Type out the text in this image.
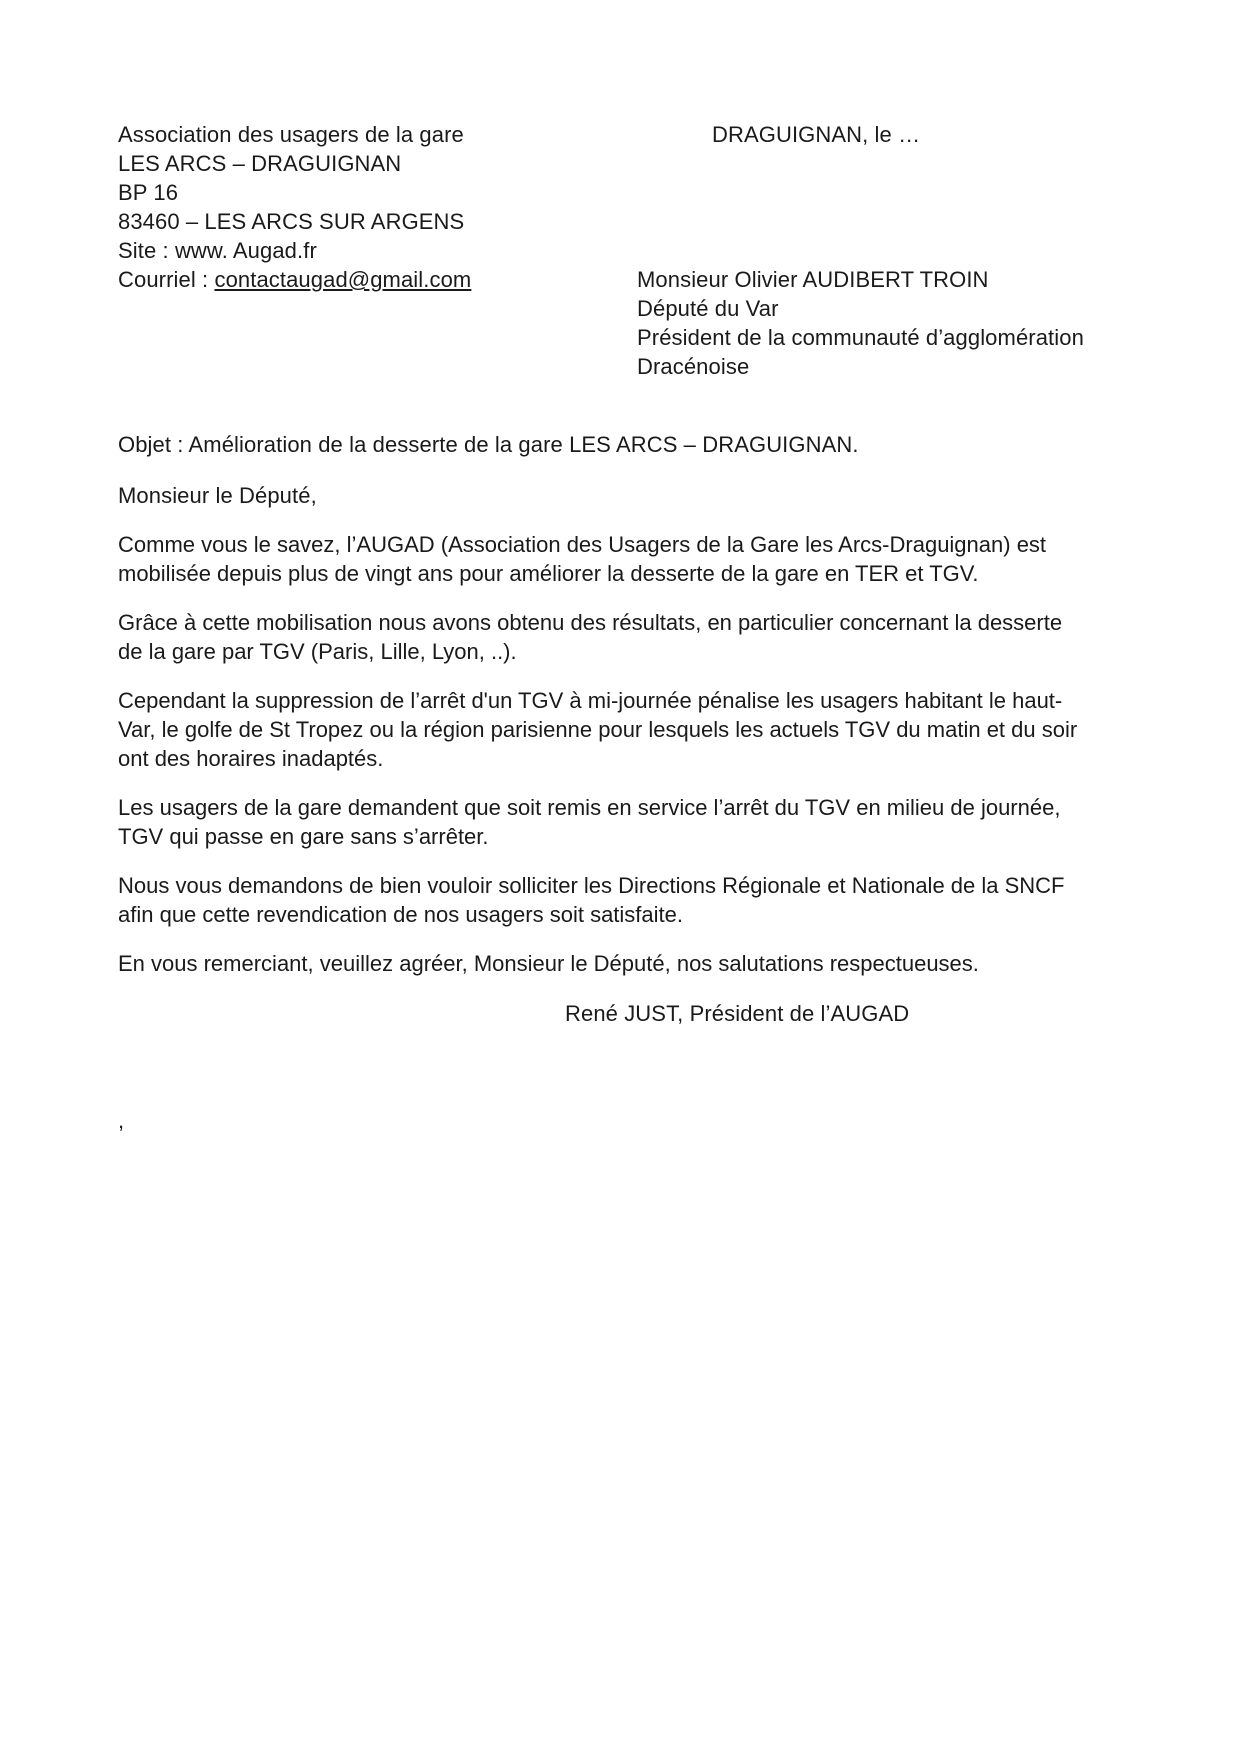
Association des usagers de la gare
LES ARCS – DRAGUIGNAN
BP 16
83460 – LES ARCS SUR ARGENS
Site : www. Augad.fr
Courriel : contactaugad@gmail.com
DRAGUIGNAN, le …
Monsieur Olivier AUDIBERT TROIN
Député du Var
Président de la communauté d’agglomération
Dracénoise
Objet : Amélioration de la desserte de la gare LES ARCS – DRAGUIGNAN.
Monsieur le Député,
Comme vous le savez, l’AUGAD (Association des Usagers de la Gare les Arcs-Draguignan) est
mobilisée depuis plus de vingt ans pour améliorer la desserte de la gare en TER et TGV.
Grâce à cette mobilisation nous avons obtenu des résultats, en particulier concernant la desserte
de la gare par TGV (Paris, Lille, Lyon, ..).
Cependant la suppression de l’arrêt d'un TGV à mi-journée pénalise les usagers habitant le haut-
Var, le golfe de St Tropez ou la région parisienne pour lesquels les actuels TGV du matin et du soir
ont des horaires inadaptés.
Les usagers de la gare demandent que soit remis en service l’arrêt du TGV en milieu de journée,
TGV qui passe en gare sans s’arrêter.
Nous vous demandons de bien vouloir solliciter les Directions Régionale et Nationale de la SNCF
afin que cette revendication de nos usagers soit satisfaite.
En vous remerciant, veuillez agréer, Monsieur le Député, nos salutations respectueuses.
René JUST, Président de l’AUGAD
,
